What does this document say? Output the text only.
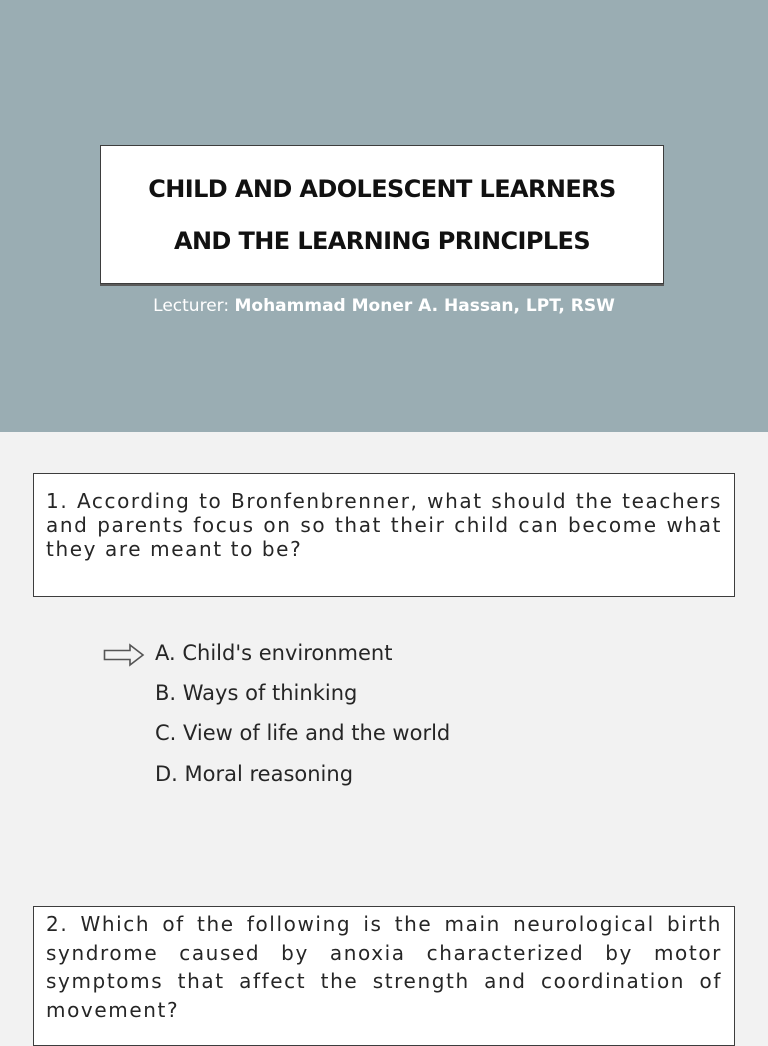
CHILD AND ADOLESCENT LEARNERS
AND THE LEARNING PRINCIPLES
Lecturer: Mohammad Moner A. Hassan, LPT, RSW
1. According to Bronfenbrenner, what should the teachers and parents focus on so that their child can become what they are meant to be?
A. Child's environment
B. Ways of thinking
C. View of life and the world
D. Moral reasoning
2. Which of the following is the main neurological birth syndrome caused by anoxia characterized by motor symptoms that affect the strength and coordination of movement?
